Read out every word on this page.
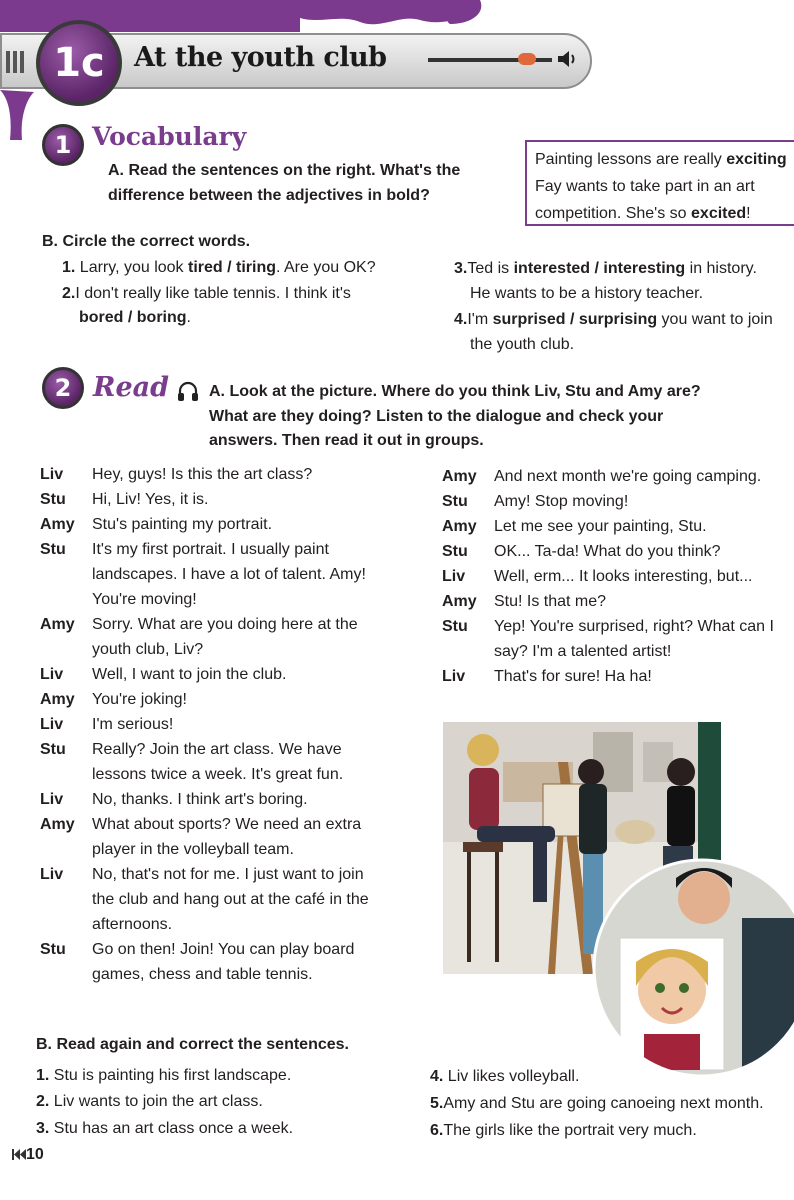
1c	At the youth club
1 Vocabulary
A. Read the sentences on the right. What's the
difference between the adjectives in bold?
Painting lessons are really exciting
Fay wants to take part in an art
competition. She's so excited!
B. Circle the correct words.
1. Larry, you look tired / tiring. Are you OK?
2.I don't really like table tennis. I think it's
bored / boring.
3.Ted is interested / interesting in history.
He wants to be a history teacher.
4.I'm surprised / surprising you want to join
the youth club.
2 Read	A. Look at the picture. Where do you think Liv, Stu and Amy are?
What are they doing? Listen to the dialogue and check your
answers. Then read it out in groups.
Liv	Hey, guys! Is this the art class?
Stu	Hi, Liv! Yes, it is.
Amy	Stu's painting my portrait.
Stu	It's my first portrait. I usually paint
landscapes. I have a lot of talent. Amy!
You're moving!
Amy	Sorry. What are you doing here at the
youth club, Liv?
Liv	Well, I want to join the club.
Amy	You're joking!
Liv	I'm serious!
Stu	Really? Join the art class. We have
lessons twice a week. It's great fun.
Liv	No, thanks. I think art's boring.
Amy	What about sports? We need an extra
player in the volleyball team.
Liv	No, that's not for me. I just want to join
the club and hang out at the café in the
afternoons.
Stu	Go on then! Join! You can play board
games, chess and table tennis.
Amy	And next month we're going camping.
Stu	Amy! Stop moving!
Amy	Let me see your painting, Stu.
Stu	OK... Ta-da! What do you think?
Liv	Well, erm... It looks interesting, but...
Amy	Stu! Is that me?
Stu	Yep! You're surprised, right? What can I
say? I'm a talented artist!
Liv	That's for sure! Ha ha!
B. Read again and correct the sentences.
1. Stu is painting his first landscape.
2. Liv wants to join the art class.
3. Stu has an art class once a week.
4. Liv likes volleyball.
5.Amy and Stu are going canoeing next month.
6.The girls like the portrait very much.
10
